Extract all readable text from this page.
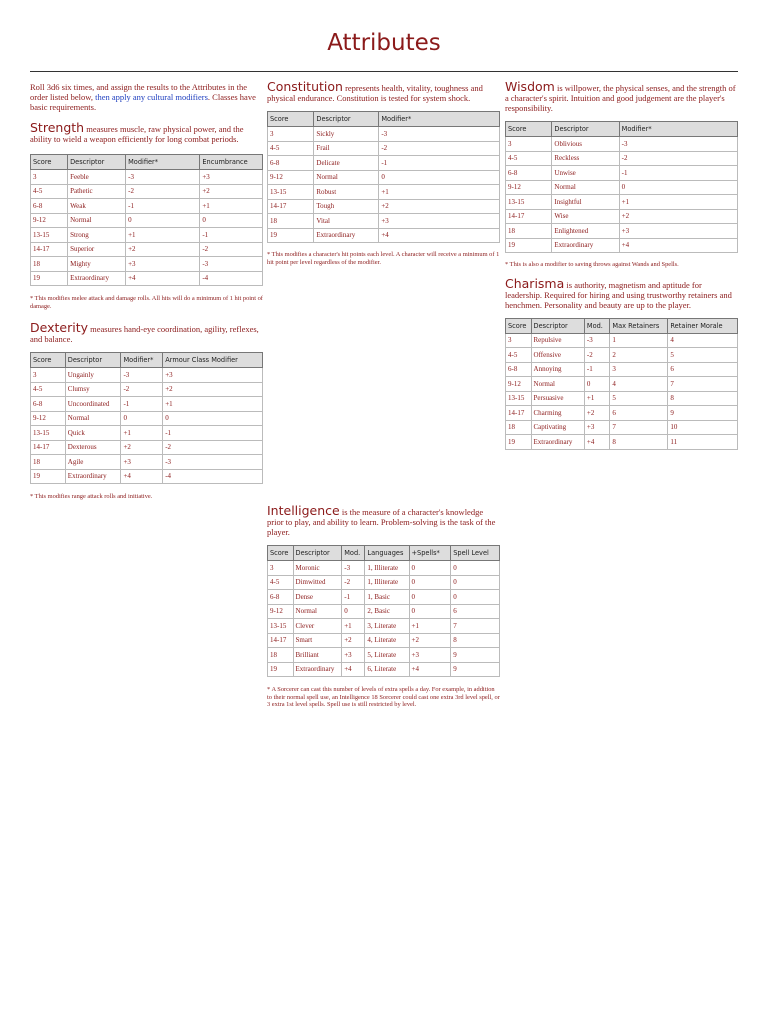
Attributes

Roll 3d6 six times, and assign the results to the Attributes in the order listed below, then apply any cultural modifiers. Classes have basic requirements.

Strength measures muscle, raw physical power, and the ability to wield a weapon efficiently for long combat periods.

Score	Descriptor	Modifier*	Encumbrance
3	Feeble	-3	+3
4-5	Pathetic	-2	+2
6-8	Weak	-1	+1
9-12	Normal	0	0
13-15	Strong	+1	-1
14-17	Superior	+2	-2
18	Mighty	+3	-3
19	Extraordinary	+4	-4

* This modifies melee attack and damage rolls. All hits will do a minimum of 1 hit point of damage.

Dexterity measures hand-eye coordination, agility, reflexes, and balance.

Score	Descriptor	Modifier*	Armour Class Modifier
3	Ungainly	-3	+3
4-5	Clumsy	-2	+2
6-8	Uncoordinated	-1	+1
9-12	Normal	0	0
13-15	Quick	+1	-1
14-17	Dexterous	+2	-2
18	Agile	+3	-3
19	Extraordinary	+4	-4

* This modifies range attack rolls and initiative.

Constitution represents health, vitality, toughness and physical endurance. Constitution is tested for system shock.

Score	Descriptor	Modifier*
3	Sickly	-3
4-5	Frail	-2
6-8	Delicate	-1
9-12	Normal	0
13-15	Robust	+1
14-17	Tough	+2
18	Vital	+3
19	Extraordinary	+4

* This modifies a character's hit points each level. A character will receive a minimum of 1 hit point per level regardless of the modifier.

Intelligence is the measure of a character's knowledge prior to play, and ability to learn. Problem-solving is the task of the player.

Score	Descriptor	Mod.	Languages	+Spells*	Spell Level
3	Moronic	-3	1, Illiterate	0	0
4-5	Dimwitted	-2	1, Illiterate	0	0
6-8	Dense	-1	1, Basic	0	0
9-12	Normal	0	2, Basic	0	6
13-15	Clever	+1	3, Literate	+1	7
14-17	Smart	+2	4, Literate	+2	8
18	Brilliant	+3	5, Literate	+3	9
19	Extraordinary	+4	6, Literate	+4	9

* A Sorcerer can cast this number of levels of extra spells a day. For example, in addition to their normal spell use, an Intelligence 18 Sorcerer could cast one extra 3rd level spell, or 3 extra 1st level spells. Spell use is still restricted by level.

Wisdom is willpower, the physical senses, and the strength of a character's spirit. Intuition and good judgement are the player's responsibility.

Score	Descriptor	Modifier*
3	Oblivious	-3
4-5	Reckless	-2
6-8	Unwise	-1
9-12	Normal	0
13-15	Insightful	+1
14-17	Wise	+2
18	Enlightened	+3
19	Extraordinary	+4

* This is also a modifier to saving throws against Wands and Spells.

Charisma is authority, magnetism and aptitude for leadership. Required for hiring and using trustworthy retainers and henchmen. Personality and beauty are up to the player.

Score	Descriptor	Mod.	Max Retainers	Retainer Morale
3	Repulsive	-3	1	4
4-5	Offensive	-2	2	5
6-8	Annoying	-1	3	6
9-12	Normal	0	4	7
13-15	Persuasive	+1	5	8
14-17	Charming	+2	6	9
18	Captivating	+3	7	10
19	Extraordinary	+4	8	11
